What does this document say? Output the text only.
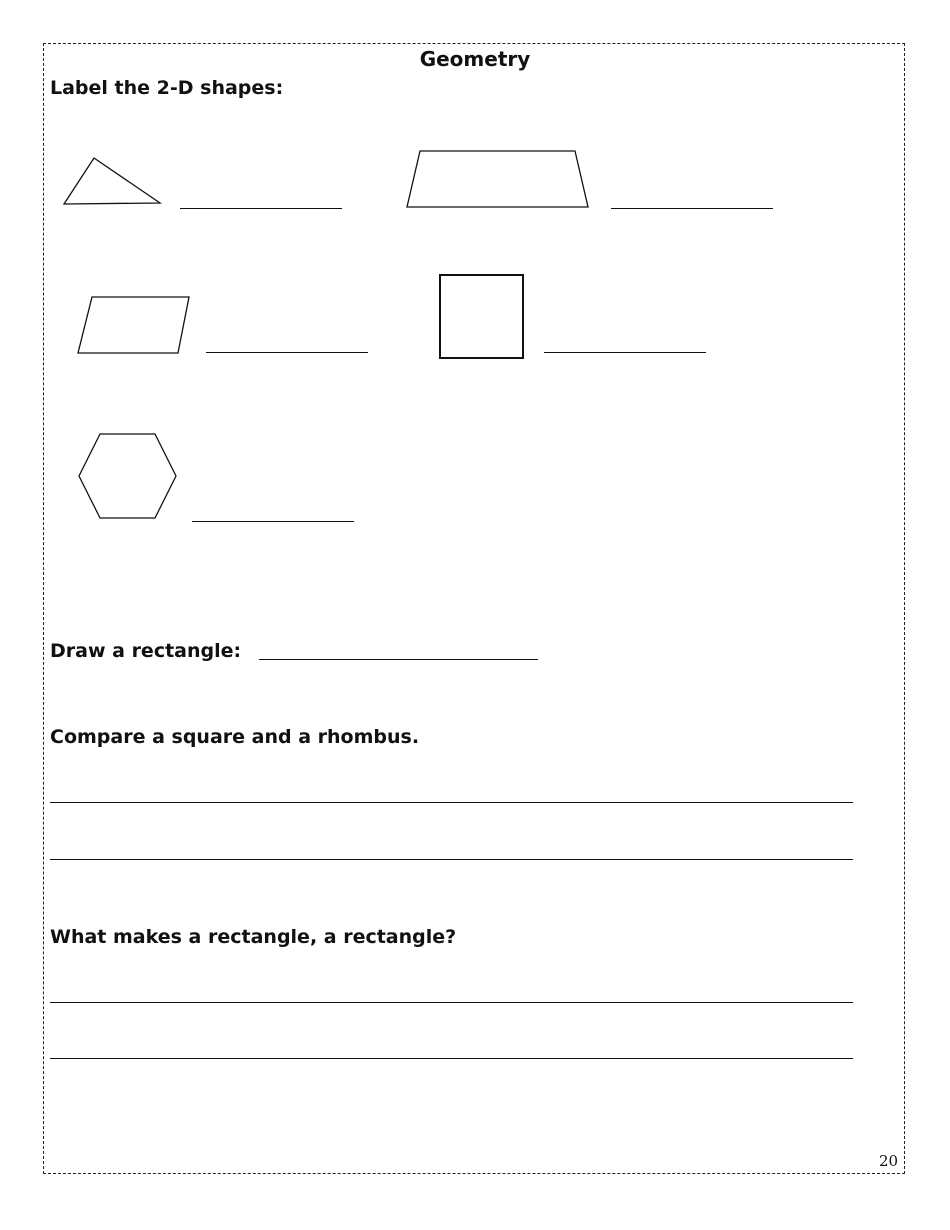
Geometry
Label the 2-D shapes:
Draw a rectangle:
Compare a square and a rhombus.
What makes a rectangle, a rectangle?
20
